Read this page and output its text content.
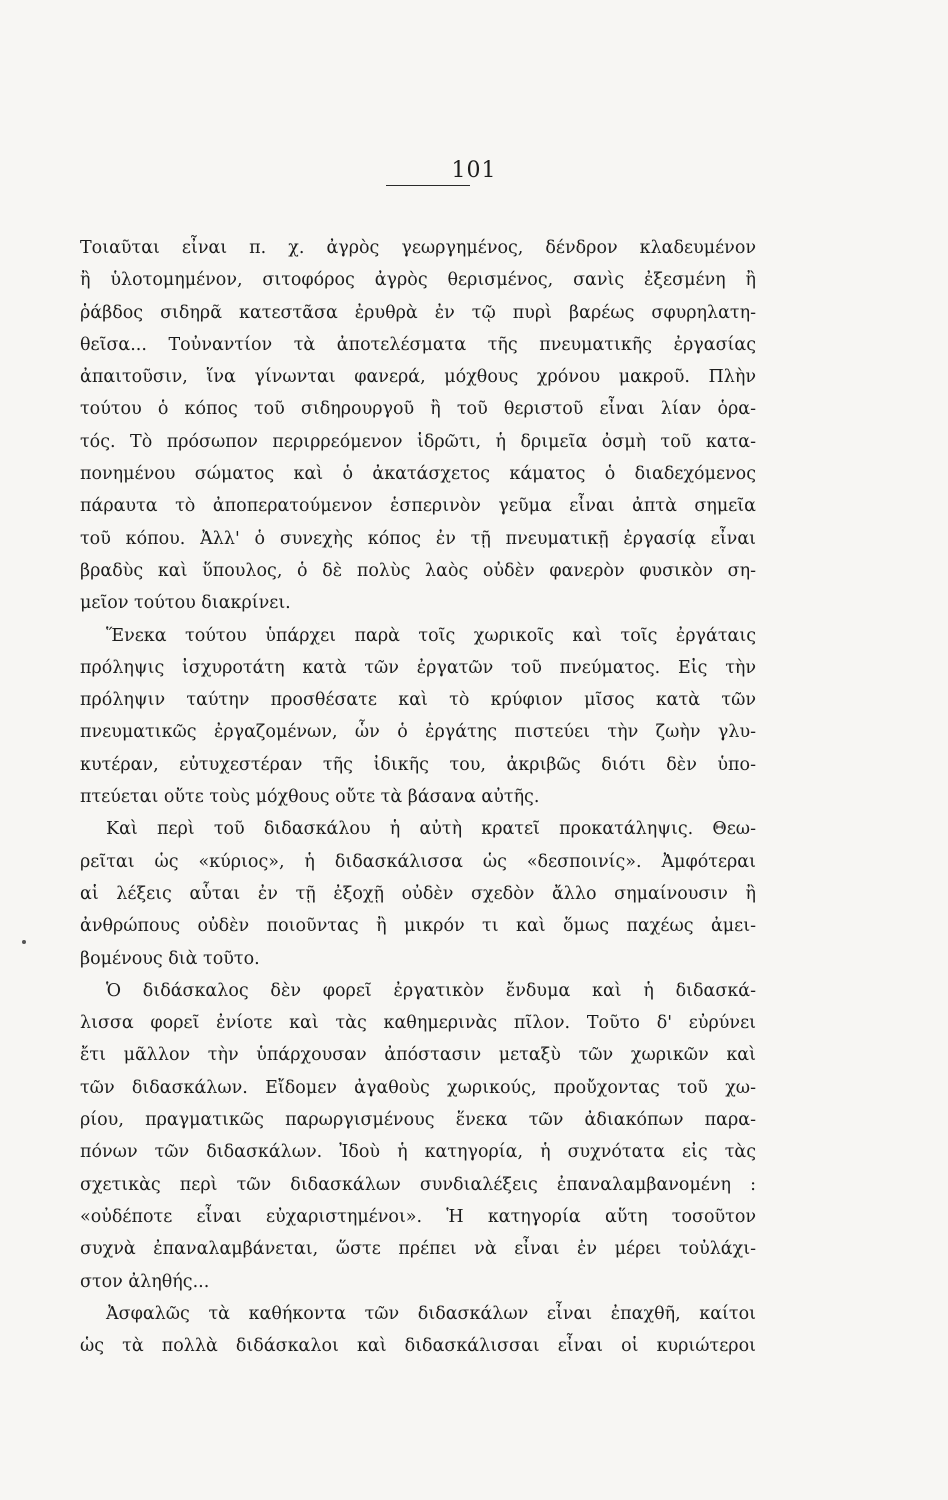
101
Τοιαῦται εἶναι π. χ. ἀγρὸς γεωργημένος, δένδρον κλαδευμένον
ἢ ὑλοτομημένον, σιτοφόρος ἀγρὸς θερισμένος, σανὶς ἐξεσμένη ἢ
ῥάβδος σιδηρᾶ κατεστᾶσα ἐρυθρὰ ἐν τῷ πυρὶ βαρέως σφυρηλατη-
θεῖσα... Τοὐναντίον τὰ ἀποτελέσματα τῆς πνευματικῆς ἐργασίας
ἀπαιτοῦσιν, ἵνα γίνωνται φανερά, μόχθους χρόνου μακροῦ. Πλὴν
τούτου ὁ κόπος τοῦ σιδηρουργοῦ ἢ τοῦ θεριστοῦ εἶναι λίαν ὁρα-
τός. Τὸ πρόσωπον περιρρεόμενον ἱδρῶτι, ἡ δριμεῖα ὀσμὴ τοῦ κατα-
πονημένου σώματος καὶ ὁ ἀκατάσχετος κάματος ὁ διαδεχόμενος
πάραυτα τὸ ἀποπερατούμενον ἑσπερινὸν γεῦμα εἶναι ἀπτὰ σημεῖα
τοῦ κόπου. Ἀλλ' ὁ συνεχὴς κόπος ἐν τῇ πνευματικῇ ἐργασίᾳ εἶναι
βραδὺς καὶ ὕπουλος, ὁ δὲ πολὺς λαὸς οὐδὲν φανερὸν φυσικὸν ση-
μεῖον τούτου διακρίνει.
Ἕνεκα τούτου ὑπάρχει παρὰ τοῖς χωρικοῖς καὶ τοῖς ἐργάταις
πρόληψις ἰσχυροτάτη κατὰ τῶν ἐργατῶν τοῦ πνεύματος. Εἰς τὴν
πρόληψιν ταύτην προσθέσατε καὶ τὸ κρύφιον μῖσος κατὰ τῶν
πνευματικῶς ἐργαζομένων, ὧν ὁ ἐργάτης πιστεύει τὴν ζωὴν γλυ-
κυτέραν, εὐτυχεστέραν τῆς ἰδικῆς του, ἀκριβῶς διότι δὲν ὑπο-
πτεύεται οὔτε τοὺς μόχθους οὔτε τὰ βάσανα αὐτῆς.
Καὶ περὶ τοῦ διδασκάλου ἡ αὐτὴ κρατεῖ προκατάληψις. Θεω-
ρεῖται ὡς «κύριος», ἡ διδασκάλισσα ὡς «δεσποινίς». Ἀμφότεραι
αἱ λέξεις αὗται ἐν τῇ ἐξοχῇ οὐδὲν σχεδὸν ἄλλο σημαίνουσιν ἢ
ἀνθρώπους οὐδὲν ποιοῦντας ἢ μικρόν τι καὶ ὅμως παχέως ἀμει-
βομένους διὰ τοῦτο.
Ὁ διδάσκαλος δὲν φορεῖ ἐργατικὸν ἔνδυμα καὶ ἡ διδασκά-
λισσα φορεῖ ἐνίοτε καὶ τὰς καθημερινὰς πῖλον. Τοῦτο δ' εὐρύνει
ἔτι μᾶλλον τὴν ὑπάρχουσαν ἀπόστασιν μεταξὺ τῶν χωρικῶν καὶ
τῶν διδασκάλων. Εἴδομεν ἀγαθοὺς χωρικούς, προὔχοντας τοῦ χω-
ρίου, πραγματικῶς παρωργισμένους ἕνεκα τῶν ἀδιακόπων παρα-
πόνων τῶν διδασκάλων. Ἰδοὺ ἡ κατηγορία, ἡ συχνότατα εἰς τὰς
σχετικὰς περὶ τῶν διδασκάλων συνδιαλέξεις ἐπαναλαμβανομένη :
«οὐδέποτε εἶναι εὐχαριστημένοι». Ἡ κατηγορία αὕτη τοσοῦτον
συχνὰ ἐπαναλαμβάνεται, ὥστε πρέπει νὰ εἶναι ἐν μέρει τοὐλάχι-
στον ἀληθής...
Ἀσφαλῶς τὰ καθήκοντα τῶν διδασκάλων εἶναι ἐπαχθῆ, καίτοι
ὡς τὰ πολλὰ διδάσκαλοι καὶ διδασκάλισσαι εἶναι οἱ κυριώτεροι
